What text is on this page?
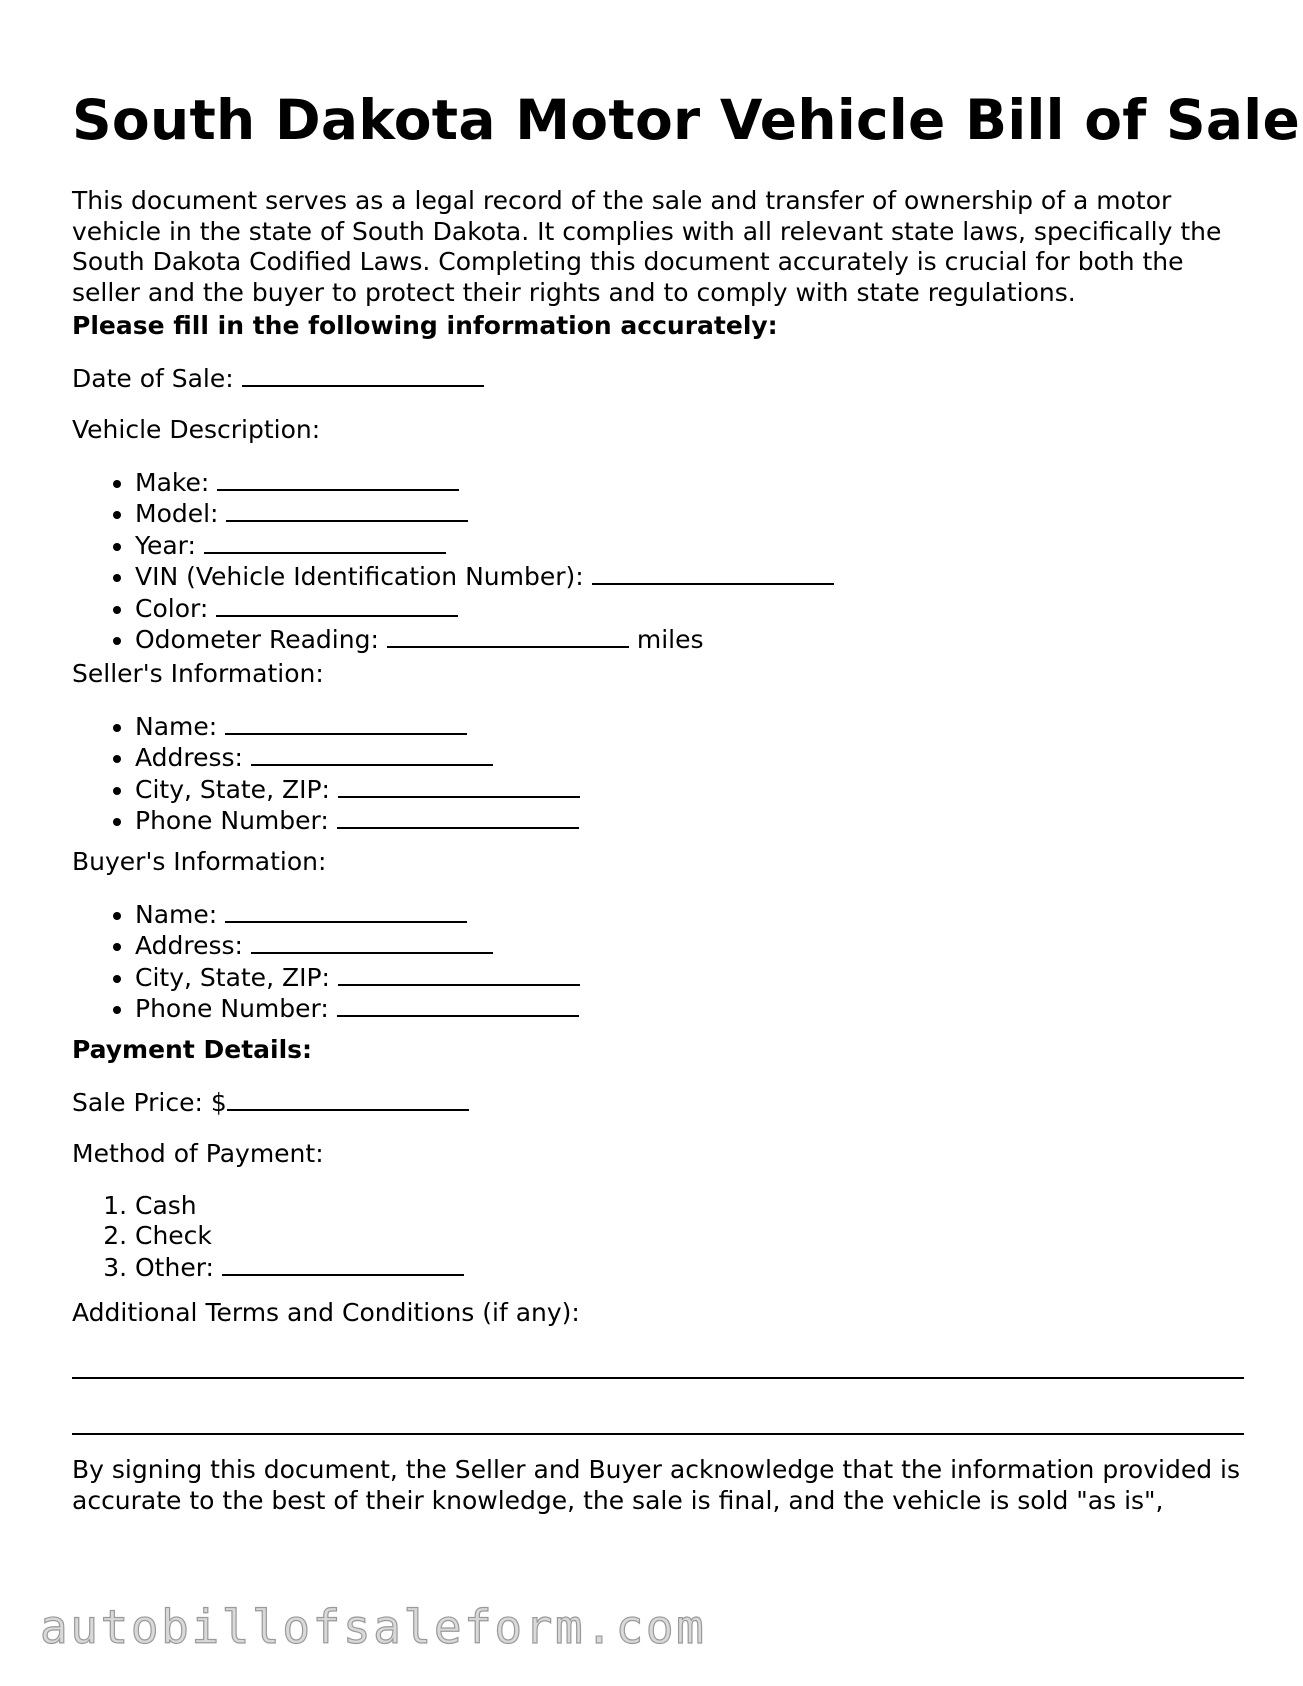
South Dakota Motor Vehicle Bill of Sale

This document serves as a legal record of the sale and transfer of ownership of a motor vehicle in the state of South Dakota. It complies with all relevant state laws, specifically the South Dakota Codified Laws. Completing this document accurately is crucial for both the seller and the buyer to protect their rights and to comply with state regulations.

Please fill in the following information accurately:

Date of Sale:

Vehicle Description:

• Make:
• Model:
• Year:
• VIN (Vehicle Identification Number):
• Color:
• Odometer Reading:	miles

Seller's Information:

• Name:
• Address:
• City, State, ZIP:
• Phone Number:

Buyer's Information:

• Name:
• Address:
• City, State, ZIP:
• Phone Number:

Payment Details:

Sale Price: $

Method of Payment:

1. Cash
2. Check
3. Other:

Additional Terms and Conditions (if any):

By signing this document, the Seller and Buyer acknowledge that the information provided is accurate to the best of their knowledge, the sale is final, and the vehicle is sold "as is",

autobillofsaleform.com
